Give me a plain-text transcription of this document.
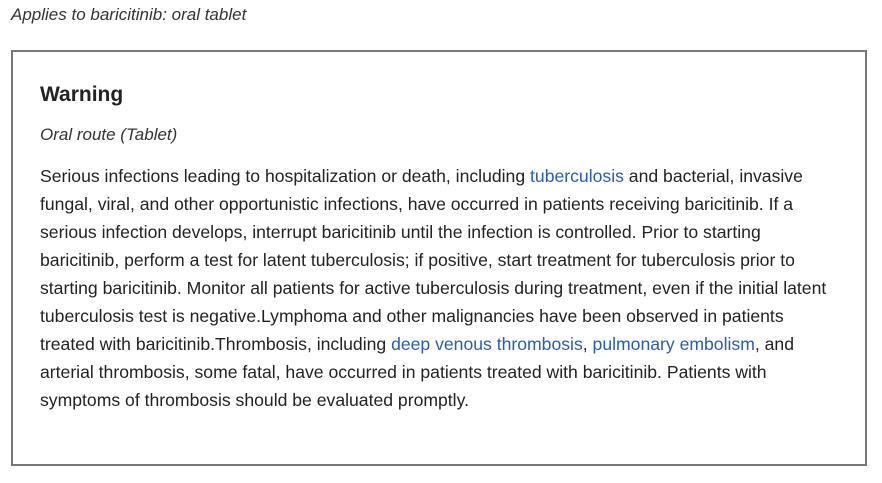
Applies to baricitinib: oral tablet

Warning

Oral route (Tablet)

Serious infections leading to hospitalization or death, including tuberculosis and bacterial, invasive fungal, viral, and other opportunistic infections, have occurred in patients receiving baricitinib. If a serious infection develops, interrupt baricitinib until the infection is controlled. Prior to starting baricitinib, perform a test for latent tuberculosis; if positive, start treatment for tuberculosis prior to starting baricitinib. Monitor all patients for active tuberculosis during treatment, even if the initial latent tuberculosis test is negative.Lymphoma and other malignancies have been observed in patients treated with baricitinib.Thrombosis, including deep venous thrombosis, pulmonary embolism, and arterial thrombosis, some fatal, have occurred in patients treated with baricitinib. Patients with symptoms of thrombosis should be evaluated promptly.
